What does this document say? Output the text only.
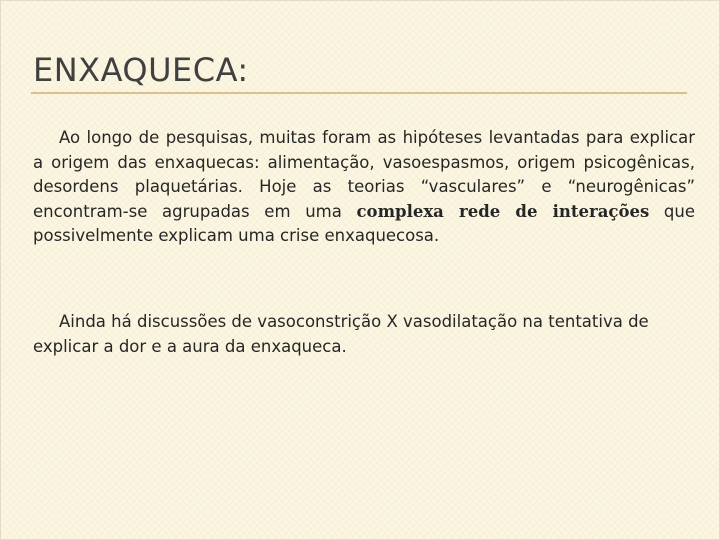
ENXAQUECA:

Ao longo de pesquisas, muitas foram as hipóteses levantadas para explicar a origem das enxaquecas: alimentação, vasoespasmos, origem psicogênicas, desordens plaquetárias. Hoje as teorias “vasculares” e “neurogênicas” encontram-se agrupadas em uma complexa rede de interações que possivelmente explicam uma crise enxaquecosa.

Ainda há discussões de vasoconstrição X vasodilatação na tentativa de explicar a dor e a aura da enxaqueca.
